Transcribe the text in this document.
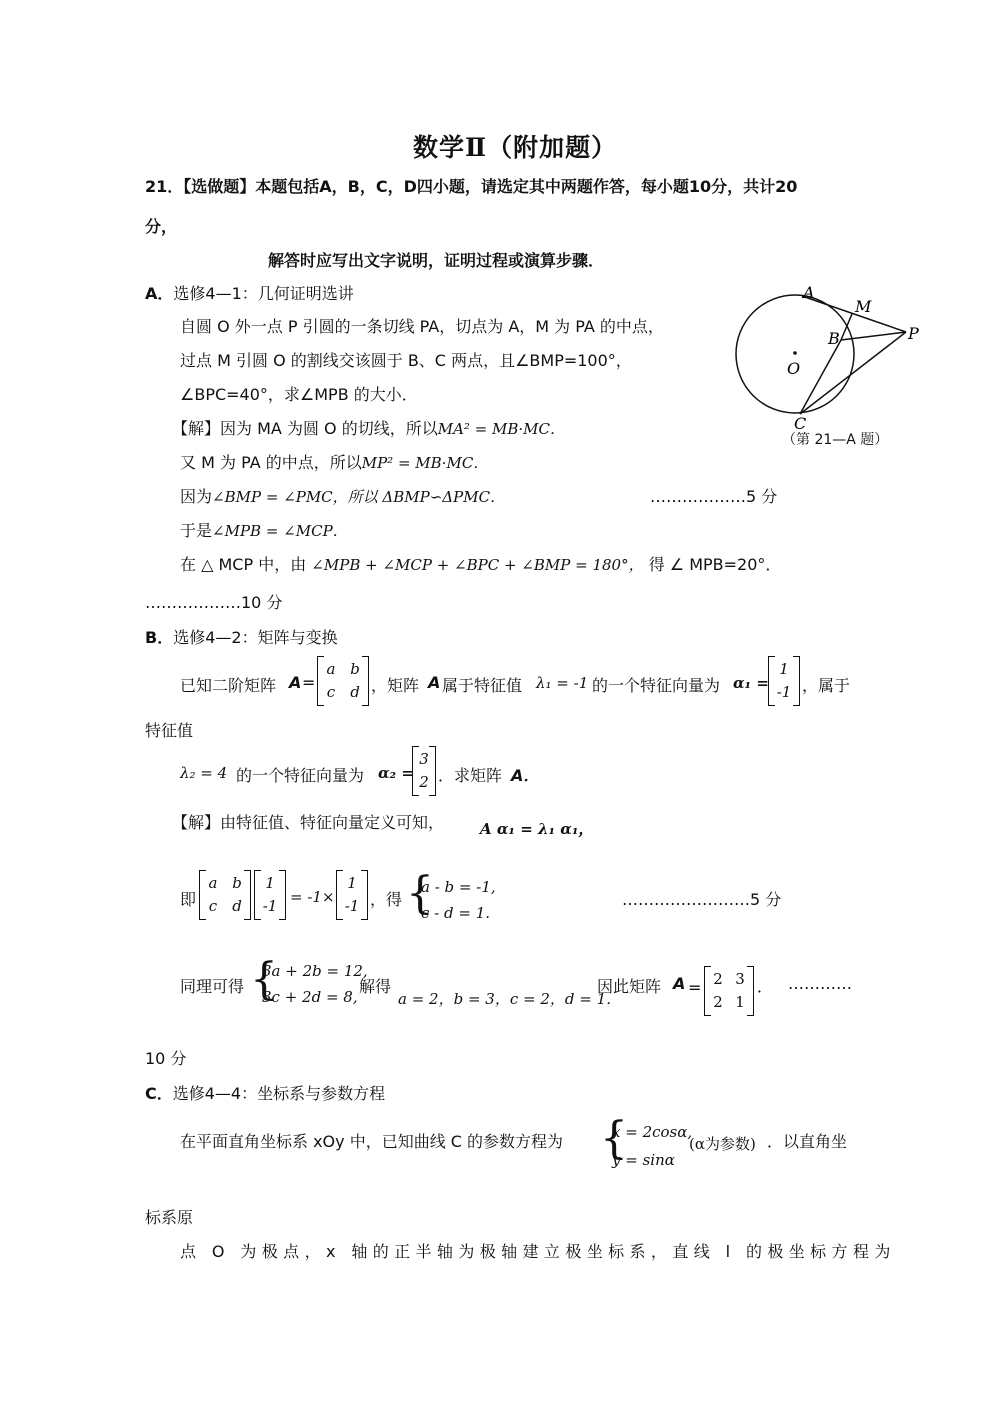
数学Ⅱ（附加题）
21．【选做题】本题包括A，B，C，D四小题，请选定其中两题作答，每小题10分，共计20
分，
解答时应写出文字说明，证明过程或演算步骤．
A．选修4—1：几何证明选讲
自圆 O 外一点 P 引圆的一条切线 PA，切点为 A，M 为 PA 的中点，
过点 M 引圆 O 的割线交该圆于 B、C 两点，且∠BMP=100°，
∠BPC=40°，求∠MPB 的大小．
【解】因为 MA 为圆 O 的切线，所以MA² = MB·MC．
又 M 为 PA 的中点，所以MP² = MB·MC．
因为∠BMP = ∠PMC，所以 ΔBMP∽ΔPMC．	………………5 分
于是∠MPB = ∠MCP．
在 △ MCP 中，由 ∠MPB + ∠MCP + ∠BPC + ∠BMP = 180°， 得 ∠ MPB=20°．
………………10 分
A
M
P
B
O
C
（第 21—A 题）
B．选修4—2：矩阵与变换
已知二阶矩阵 A =
a b
c d ，矩阵 A 属于特征值 λ₁ = -1 的一个特征向量为 α₁ =
1
-1 ，属于
特征值
λ₂ = 4 的一个特征向量为 α₂ =
3
2 ．求矩阵 A．
【解】由特征值、特征向量定义可知， A α₁ = λ₁ α₁，
即
a b
c d
1
-1 = -1×
1
-1 ，得 {
a - b = -1,
c - d = 1.
……………………5 分
同理可得 {
3a + 2b = 12,
3c + 2d = 8,
解得
a = 2，b = 3，c = 2，d = 1．
因此矩阵 A = 2 3
2 1
． …………
10 分
C．选修4—4：坐标系与参数方程
在平面直角坐标系 xOy 中，已知曲线 C 的参数方程为 {
x = 2cosα,
y = sinα
(α为参数) ．以直角坐
标系原
点 O 为极点，x 轴的正半轴为极轴建立极坐标系，直线 l 的极坐标方程为
